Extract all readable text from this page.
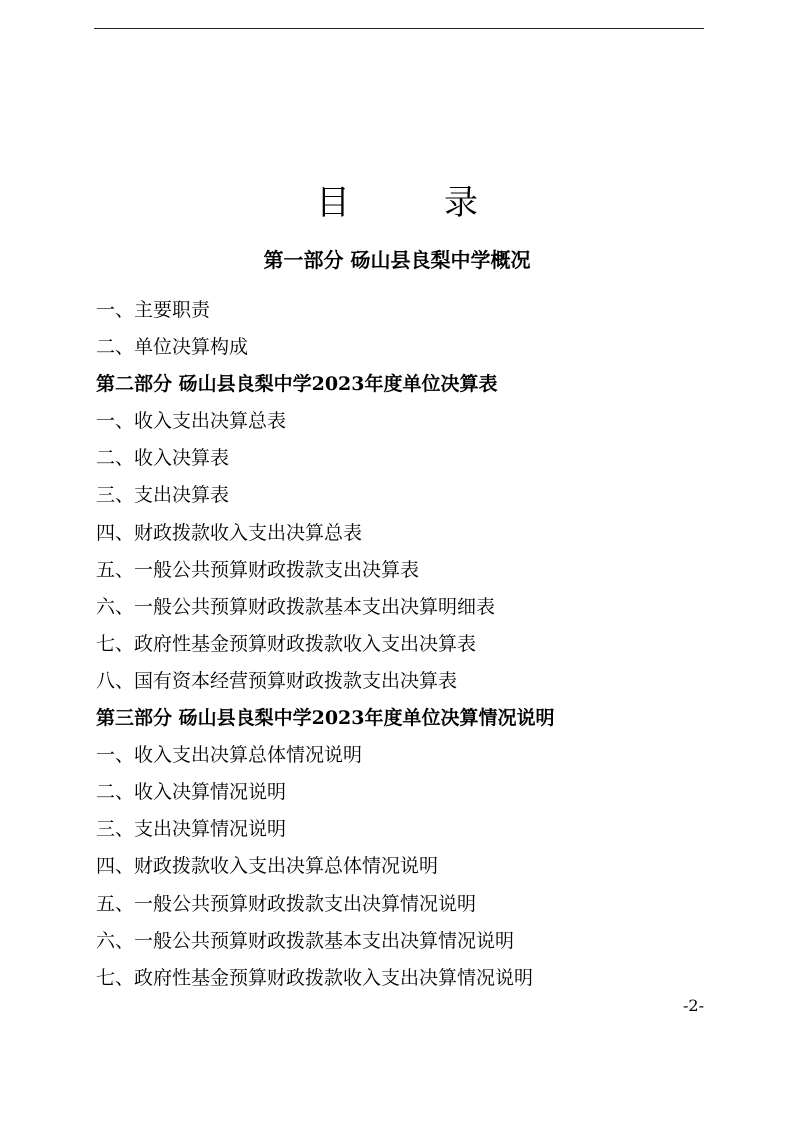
目　录
第一部分 砀山县良梨中学概况
一、主要职责
二、单位决算构成
第二部分 砀山县良梨中学2023年度单位决算表
一、收入支出决算总表
二、收入决算表
三、支出决算表
四、财政拨款收入支出决算总表
五、一般公共预算财政拨款支出决算表
六、一般公共预算财政拨款基本支出决算明细表
七、政府性基金预算财政拨款收入支出决算表
八、国有资本经营预算财政拨款支出决算表
第三部分 砀山县良梨中学2023年度单位决算情况说明
一、收入支出决算总体情况说明
二、收入决算情况说明
三、支出决算情况说明
四、财政拨款收入支出决算总体情况说明
五、一般公共预算财政拨款支出决算情况说明
六、一般公共预算财政拨款基本支出决算情况说明
七、政府性基金预算财政拨款收入支出决算情况说明
-2-
